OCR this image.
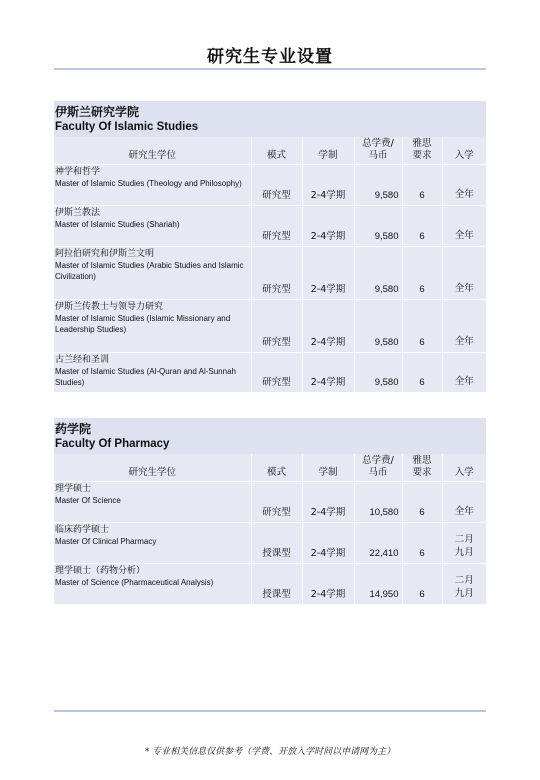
研究生专业设置
伊斯兰研究学院
Faculty Of Islamic Studies
研究生学位	模式	学制	总学费/马币	雅思要求	入学

神学和哲学
Master of Islamic Studies (Theology and Philosophy)	研究型	2-4学期	9,580	6	全年

伊斯兰教法
Master of Islamic Studies (Shariah)	研究型	2-4学期	9,580	6	全年

阿拉伯研究和伊斯兰文明
Master of Islamic Studies (Arabic Studies and Islamic Civilization)	研究型	2-4学期	9,580	6	全年

伊斯兰传教士与领导力研究
Master of Islamic Studies (Islamic Missionary and Leadership Studies)	研究型	2-4学期	9,580	6	全年

古兰经和圣训
Master of Islamic Studies (Al-Quran and Al-Sunnah Studies)	研究型	2-4学期	9,580	6	全年
药学院
Faculty Of Pharmacy
研究生学位	模式	学制	总学费/马币	雅思要求	入学

理学硕士
Master Of Science	研究型	2-4学期	10,580	6	全年

临床药学硕士
Master Of Clinical Pharmacy	授课型	2-4学期	22,410	6	二月
九月

理学硕士（药物分析）
Master of Science (Pharmaceutical Analysis)	授课型	2-4学期	14,950	6	二月
九月
* 专业相关信息仅供参考（学费、开放入学时间以申请网为主）
